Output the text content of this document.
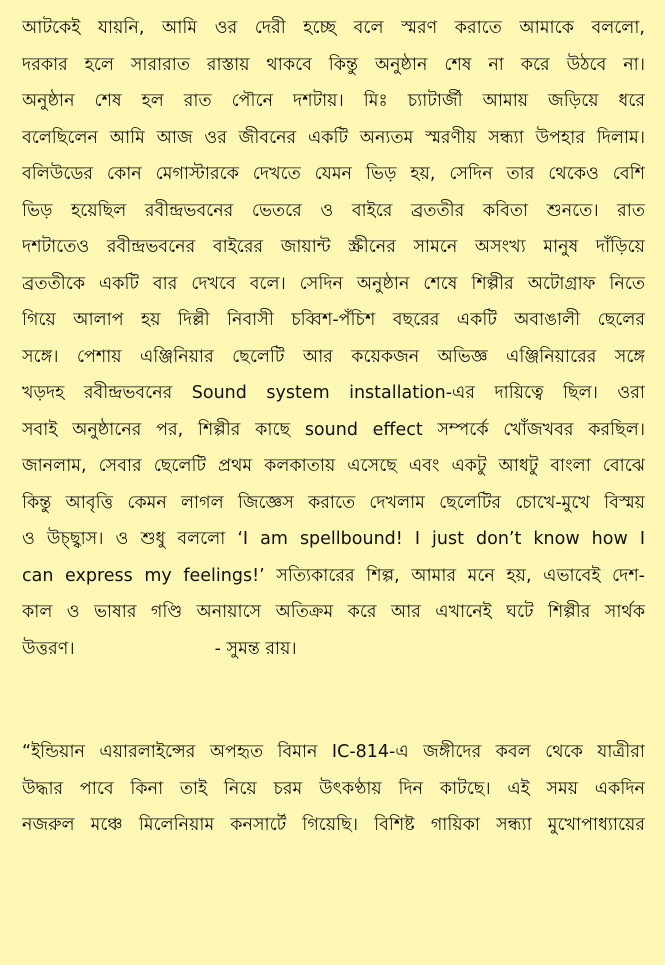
আটকেই যায়নি, আমি ওর দেরী হচ্ছে বলে স্মরণ করাতে আমাকে বললো,
দরকার হলে সারারাত রাস্তায় থাকবে কিন্তু অনুষ্ঠান শেষ না করে উঠবে না।
অনুষ্ঠান শেষ হল রাত পৌনে দশটায়। মিঃ চ্যাটার্জী আমায় জড়িয়ে ধরে
বলেছিলেন আমি আজ ওর জীবনের একটি অন্যতম স্মরণীয় সন্ধ্যা উপহার দিলাম।
বলিউডের কোন মেগাস্টারকে দেখতে যেমন ভিড় হয়, সেদিন তার থেকেও বেশি
ভিড় হয়েছিল রবীন্দ্রভবনের ভেতরে ও বাইরে ব্রততীর কবিতা শুনতে। রাত
দশটাতেও রবীন্দ্রভবনের বাইরের জায়ান্ট স্ক্রীনের সামনে অসংখ্য মানুষ দাঁড়িয়ে
ব্রততীকে একটি বার দেখবে বলে। সেদিন অনুষ্ঠান শেষে শিল্পীর অটোগ্রাফ নিতে
গিয়ে আলাপ হয় দিল্লী নিবাসী চব্বিশ-পঁচিশ বছরের একটি অবাঙালী ছেলের
সঙ্গে। পেশায় এঞ্জিনিয়ার ছেলেটি আর কয়েকজন অভিজ্ঞ এঞ্জিনিয়ারের সঙ্গে
খড়দহ রবীন্দ্রভবনের Sound system installation-এর দায়িত্বে ছিল। ওরা
সবাই অনুষ্ঠানের পর, শিল্পীর কাছে sound effect সম্পর্কে খোঁজখবর করছিল।
জানলাম, সেবার ছেলেটি প্রথম কলকাতায় এসেছে এবং একটু আধটু বাংলা বোঝে
কিন্তু আবৃত্তি কেমন লাগল জিজ্ঞেস করাতে দেখলাম ছেলেটির চোখে-মুখে বিস্ময়
ও উচ্ছ্বাস। ও শুধু বললো ‘I am spellbound! I just don’t know how I
can express my feelings!’ সত্যিকারের শিল্প, আমার মনে হয়, এভাবেই দেশ-
কাল ও ভাষার গণ্ডি অনায়াসে অতিক্রম করে আর এখানেই ঘটে শিল্পীর সার্থক
উত্তরণ।	- সুমন্ত রায়।
“ইন্ডিয়ান এয়ারলাইন্সের অপহৃত বিমান IC-814-এ জঙ্গীদের কবল থেকে যাত্রীরা
উদ্ধার পাবে কিনা তাই নিয়ে চরম উৎকণ্ঠায় দিন কাটছে। এই সময় একদিন
নজরুল মঞ্চে মিলেনিয়াম কনসার্টে গিয়েছি। বিশিষ্ট গায়িকা সন্ধ্যা মুখোপাধ্যায়ের
